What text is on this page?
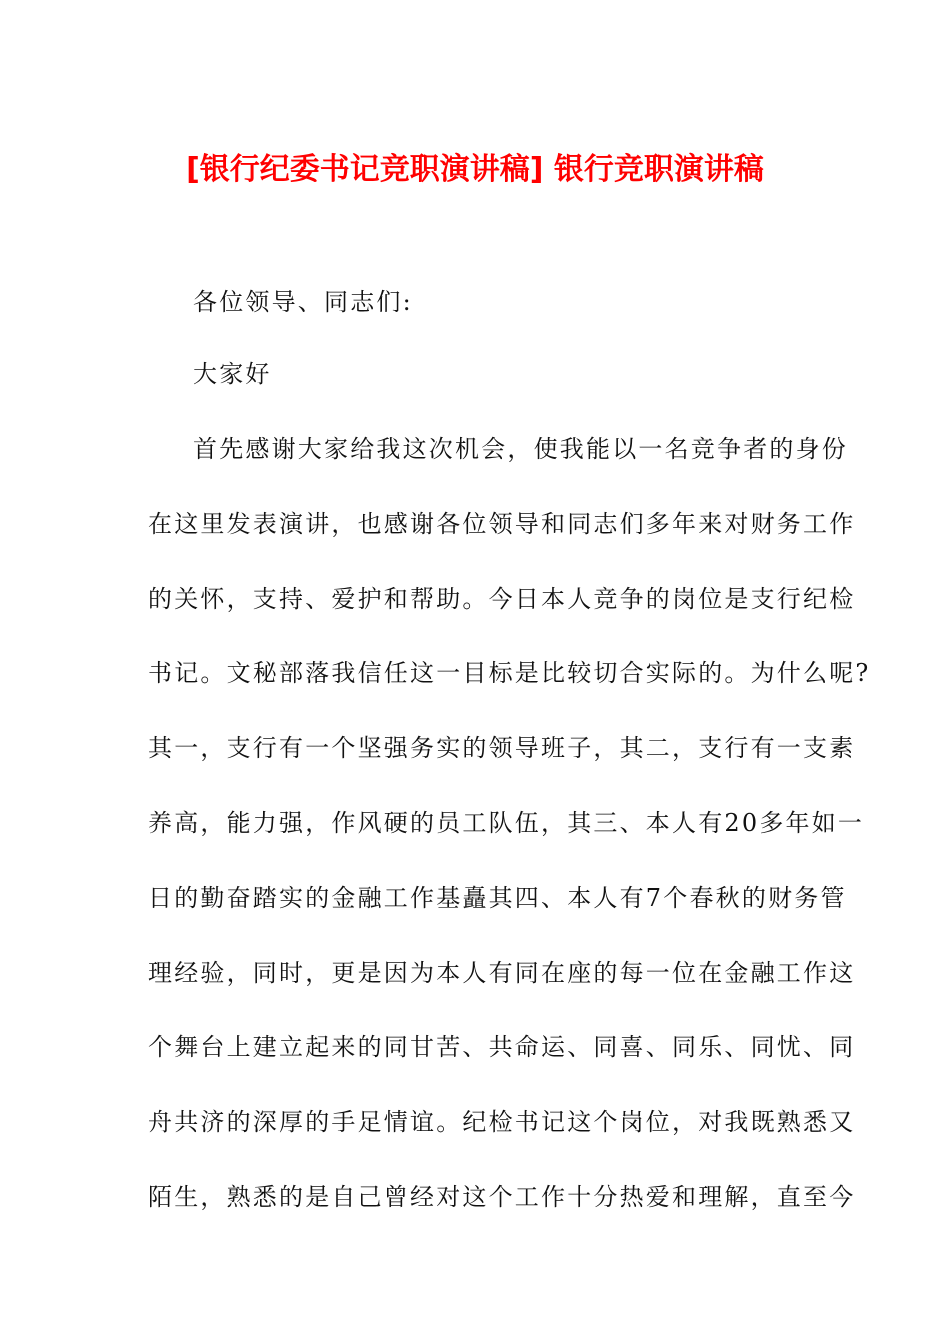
[银行纪委书记竞职演讲稿] 银行竞职演讲稿
各位领导、同志们:
大家好
首先感谢大家给我这次机会，使我能以一名竞争者的身份
在这里发表演讲，也感谢各位领导和同志们多年来对财务工作
的关怀，支持、爱护和帮助。今日本人竞争的岗位是支行纪检
书记。文秘部落我信任这一目标是比较切合实际的。为什么呢?
其一，支行有一个坚强务实的领导班子，其二，支行有一支素
养高，能力强，作风硬的员工队伍，其三、本人有20多年如一
日的勤奋踏实的金融工作基矗其四、本人有7个春秋的财务管
理经验，同时，更是因为本人有同在座的每一位在金融工作这
个舞台上建立起来的同甘苦、共命运、同喜、同乐、同忧、同
舟共济的深厚的手足情谊。纪检书记这个岗位，对我既熟悉又
陌生，熟悉的是自己曾经对这个工作十分热爱和理解，直至今
